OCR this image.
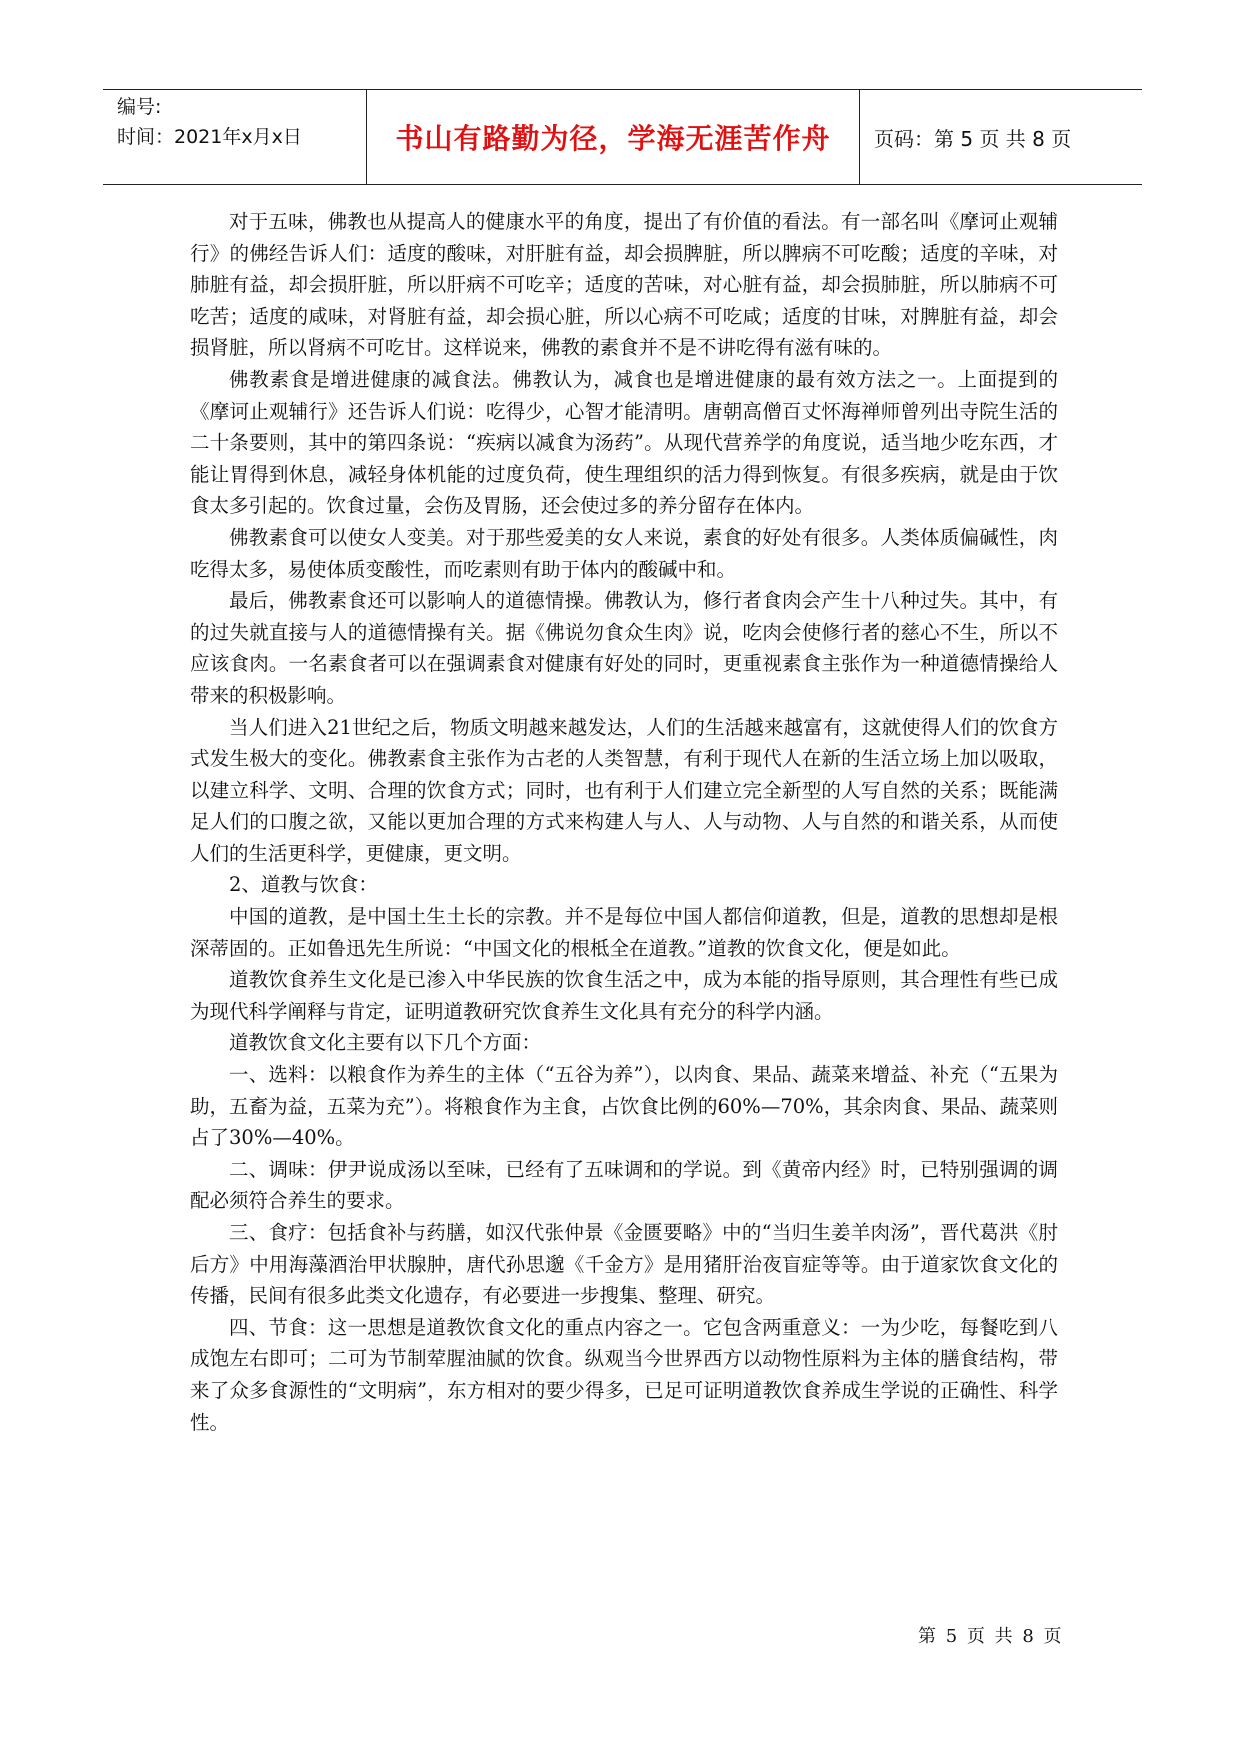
编号:
时间：2021年x月x日	书山有路勤为径，学海无涯苦作舟 页码：第 5 页 共 8 页

对于五味，佛教也从提高人的健康水平的角度，提出了有价值的看法。有一部名叫《摩诃止观辅行》的佛经告诉人们：适度的酸味，对肝脏有益，却会损脾脏，所以脾病不可吃酸；适度的辛味，对肺脏有益，却会损肝脏，所以肝病不可吃辛；适度的苦味，对心脏有益，却会损肺脏，所以肺病不可吃苦；适度的咸味，对肾脏有益，却会损心脏，所以心病不可吃咸；适度的甘味，对脾脏有益，却会损肾脏，所以肾病不可吃甘。这样说来，佛教的素食并不是不讲吃得有滋有味的。

佛教素食是增进健康的减食法。佛教认为，减食也是增进健康的最有效方法之一。上面提到的《摩诃止观辅行》还告诉人们说：吃得少，心智才能清明。唐朝高僧百丈怀海禅师曾列出寺院生活的二十条要则，其中的第四条说：“疾病以减食为汤药”。从现代营养学的角度说，适当地少吃东西，才能让胃得到休息，减轻身体机能的过度负荷，使生理组织的活力得到恢复。有很多疾病，就是由于饮食太多引起的。饮食过量，会伤及胃肠，还会使过多的养分留存在体内。

佛教素食可以使女人变美。对于那些爱美的女人来说，素食的好处有很多。人类体质偏碱性，肉吃得太多，易使体质变酸性，而吃素则有助于体内的酸碱中和。

最后，佛教素食还可以影响人的道德情操。佛教认为，修行者食肉会产生十八种过失。其中，有的过失就直接与人的道德情操有关。据《佛说勿食众生肉》说，吃肉会使修行者的慈心不生，所以不应该食肉。一名素食者可以在强调素食对健康有好处的同时，更重视素食主张作为一种道德情操给人带来的积极影响。

当人们进入21世纪之后，物质文明越来越发达，人们的生活越来越富有，这就使得人们的饮食方式发生极大的变化。佛教素食主张作为古老的人类智慧，有利于现代人在新的生活立场上加以吸取，以建立科学、文明、合理的饮食方式；同时，也有利于人们建立完全新型的人写自然的关系；既能满足人们的口腹之欲，又能以更加合理的方式来构建人与人、人与动物、人与自然的和谐关系，从而使人们的生活更科学，更健康，更文明。

2、道教与饮食：

中国的道教，是中国土生土长的宗教。并不是每位中国人都信仰道教，但是，道教的思想却是根深蒂固的。正如鲁迅先生所说：“中国文化的根柢全在道教。”道教的饮食文化，便是如此。

道教饮食养生文化是已渗入中华民族的饮食生活之中，成为本能的指导原则，其合理性有些已成为现代科学阐释与肯定，证明道教研究饮食养生文化具有充分的科学内涵。

道教饮食文化主要有以下几个方面：

一、选料：以粮食作为养生的主体（“五谷为养”），以肉食、果品、蔬菜来增益、补充（“五果为助，五畜为益，五菜为充”）。将粮食作为主食，占饮食比例的60%—70%，其余肉食、果品、蔬菜则占了30%—40%。

二、调味：伊尹说成汤以至味，已经有了五味调和的学说。到《黄帝内经》时，已特别强调的调配必须符合养生的要求。

三、食疗：包括食补与药膳，如汉代张仲景《金匮要略》中的“当归生姜羊肉汤”，晋代葛洪《肘后方》中用海藻酒治甲状腺肿，唐代孙思邈《千金方》是用猪肝治夜盲症等等。由于道家饮食文化的传播，民间有很多此类文化遗存，有必要进一步搜集、整理、研究。

四、节食：这一思想是道教饮食文化的重点内容之一。它包含两重意义：一为少吃，每餐吃到八成饱左右即可；二可为节制荤腥油腻的饮食。纵观当今世界西方以动物性原料为主体的膳食结构，带来了众多食源性的“文明病”，东方相对的要少得多，已足可证明道教饮食养成生学说的正确性、科学性。

第 5 页 共 8 页
